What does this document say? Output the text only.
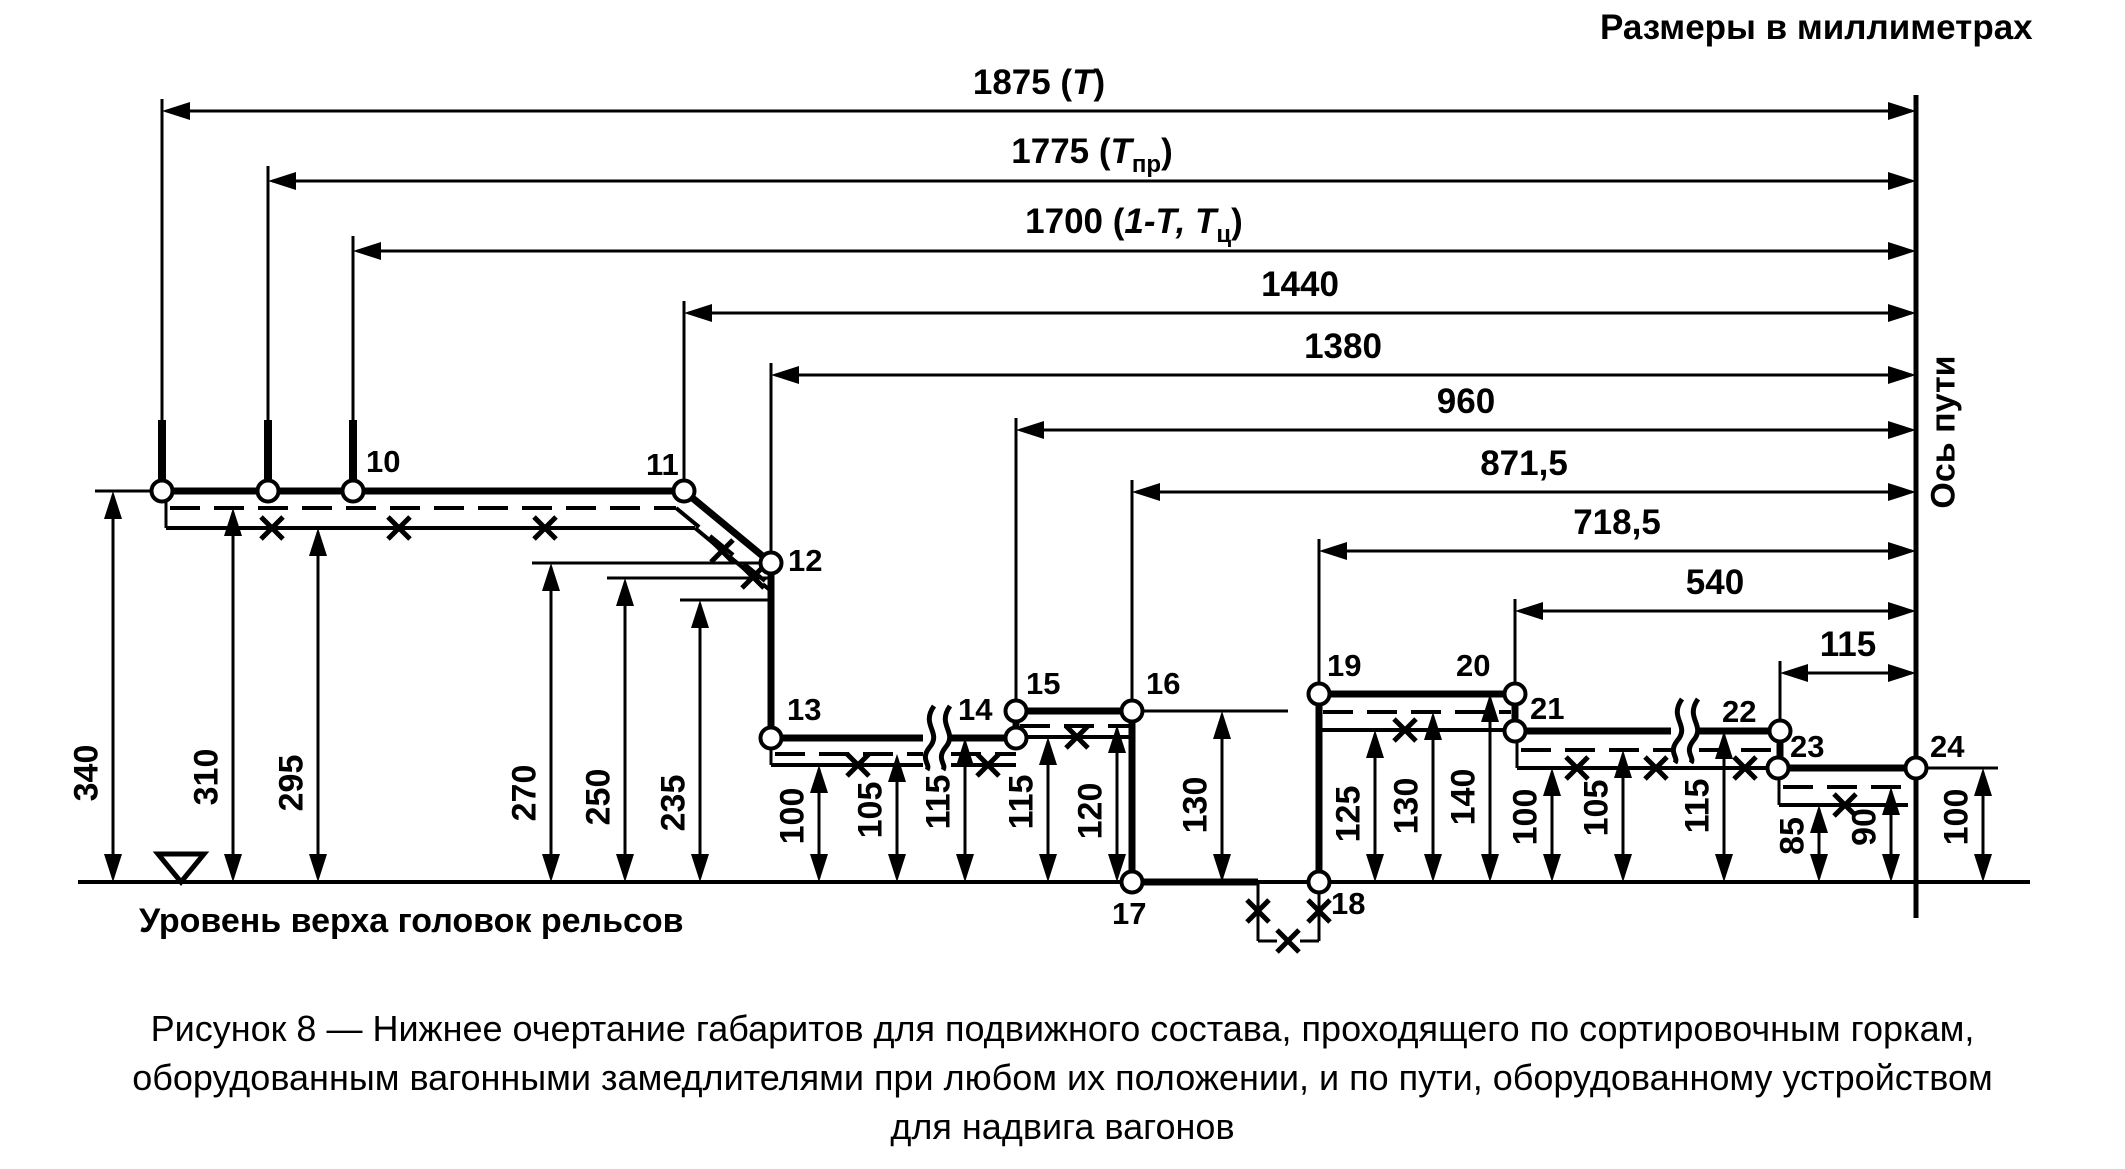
Размеры в миллиметрах
1875 (Т)
1775 $(Т_{пр})$
1700 (1-Т, $Т_ц$)
1440
1380
960
871,5
718,5
540
115
340 310 295	270 250 235 100 105 115 115 120 130	125 130 140 100 105 115
85 90 100
10	11
12
13	14
15	16
17	18
19	20
21	22
23	24
Ось пути
Уровень верха головок рельсов
Рисунок 8 — Нижнее очертание габаритов для подвижного состава, проходящего по сортировочным горкам,
оборудованным вагонными замедлителями при любом их положении, и по пути, оборудованному устройством
для надвига вагонов
